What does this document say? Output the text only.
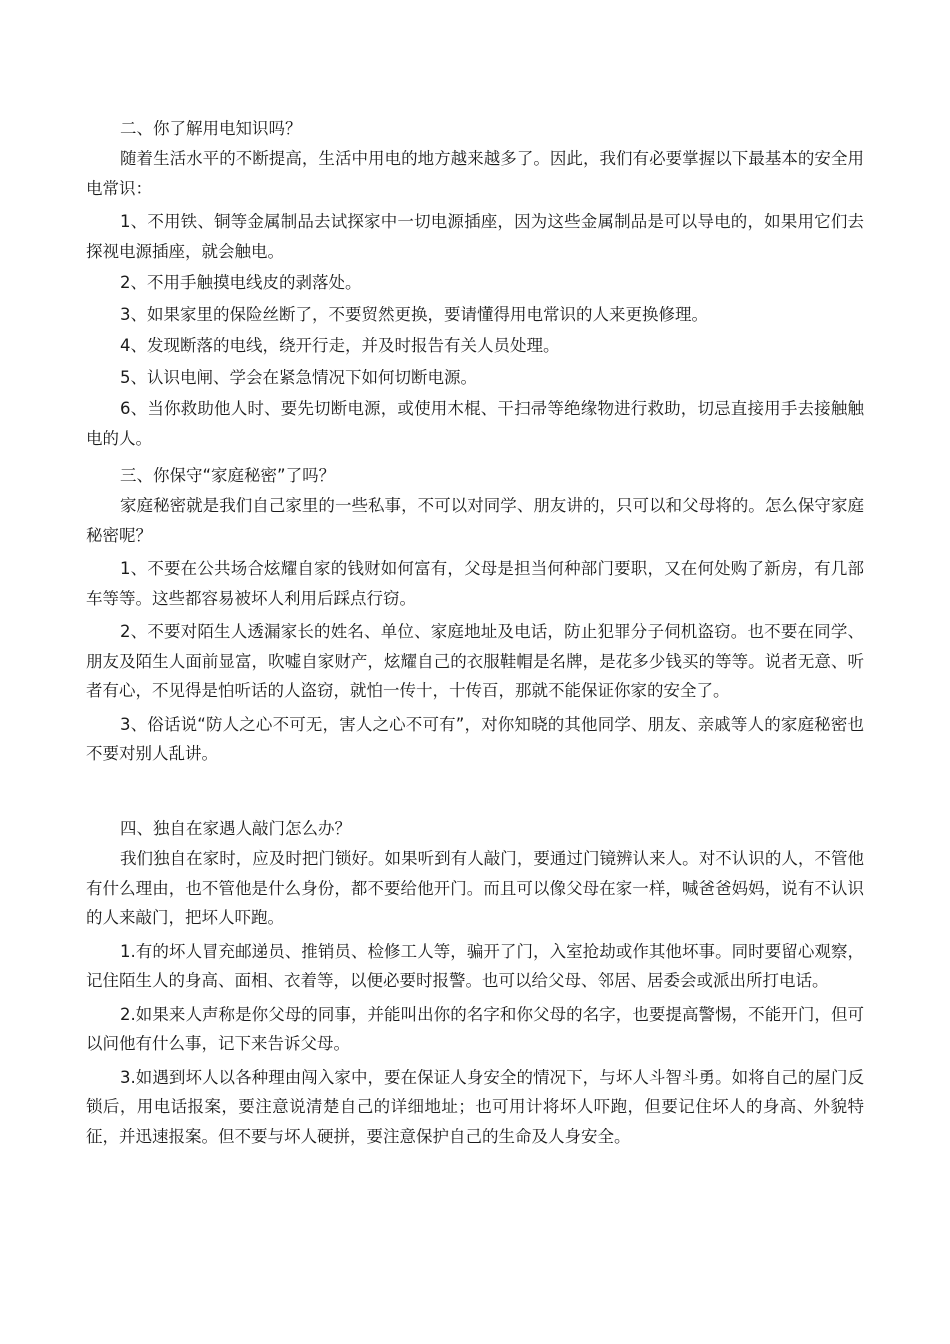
二、你了解用电知识吗？

随着生活水平的不断提高，生活中用电的地方越来越多了。因此，我们有必要掌握以下最基本的安全用电常识：

1、不用铁、铜等金属制品去试探家中一切电源插座，因为这些金属制品是可以导电的，如果用它们去探视电源插座，就会触电。

2、不用手触摸电线皮的剥落处。

3、如果家里的保险丝断了，不要贸然更换，要请懂得用电常识的人来更换修理。

4、发现断落的电线，绕开行走，并及时报告有关人员处理。

5、认识电闸、学会在紧急情况下如何切断电源。

6、当你救助他人时、要先切断电源，或使用木棍、干扫帚等绝缘物进行救助，切忌直接用手去接触触电的人。

三、你保守“家庭秘密”了吗？

家庭秘密就是我们自己家里的一些私事，不可以对同学、朋友讲的，只可以和父母将的。怎么保守家庭秘密呢？

1、不要在公共场合炫耀自家的钱财如何富有，父母是担当何种部门要职，又在何处购了新房，有几部车等等。这些都容易被坏人利用后踩点行窃。

2、不要对陌生人透漏家长的姓名、单位、家庭地址及电话，防止犯罪分子伺机盗窃。也不要在同学、朋友及陌生人面前显富，吹嘘自家财产，炫耀自己的衣服鞋帽是名牌，是花多少钱买的等等。说者无意、听者有心，不见得是怕听话的人盗窃，就怕一传十，十传百，那就不能保证你家的安全了。

3、俗话说“防人之心不可无，害人之心不可有”，对你知晓的其他同学、朋友、亲戚等人的家庭秘密也不要对别人乱讲。

四、独自在家遇人敲门怎么办？

我们独自在家时，应及时把门锁好。如果听到有人敲门，要通过门镜辨认来人。对不认识的人，不管他有什么理由，也不管他是什么身份，都不要给他开门。而且可以像父母在家一样，喊爸爸妈妈，说有不认识的人来敲门，把坏人吓跑。

1.有的坏人冒充邮递员、推销员、检修工人等，骗开了门，入室抢劫或作其他坏事。同时要留心观察，记住陌生人的身高、面相、衣着等，以便必要时报警。也可以给父母、邻居、居委会或派出所打电话。

2.如果来人声称是你父母的同事，并能叫出你的名字和你父母的名字，也要提高警惕，不能开门，但可以问他有什么事，记下来告诉父母。

3.如遇到坏人以各种理由闯入家中，要在保证人身安全的情况下，与坏人斗智斗勇。如将自己的屋门反锁后，用电话报案，要注意说清楚自己的详细地址；也可用计将坏人吓跑，但要记住坏人的身高、外貌特征，并迅速报案。但不要与坏人硬拼，要注意保护自己的生命及人身安全。
